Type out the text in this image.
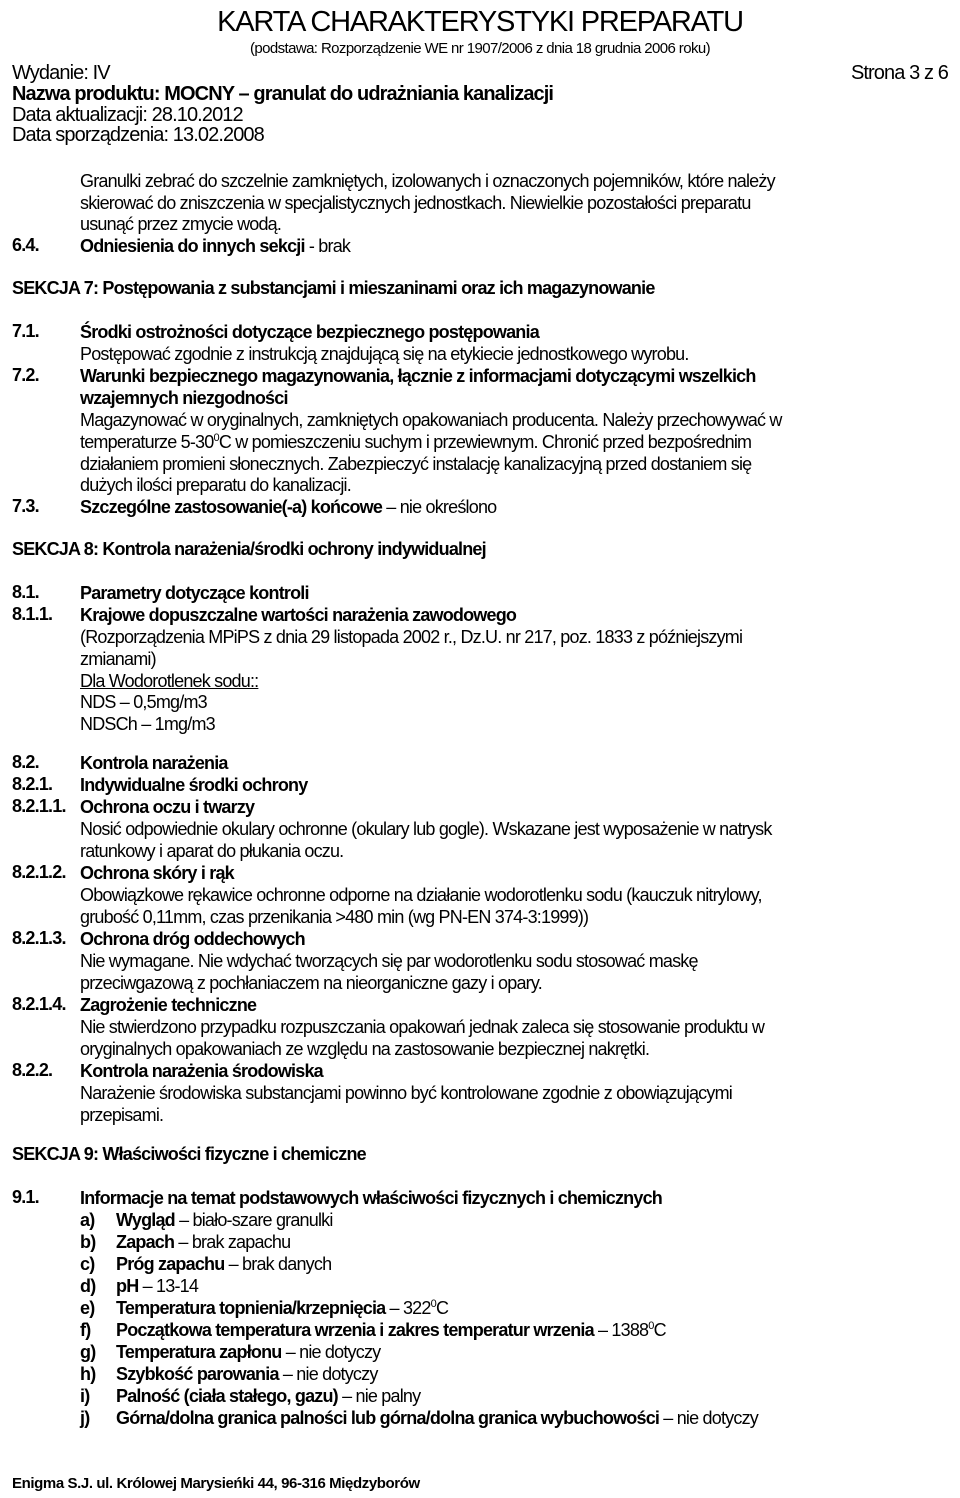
KARTA CHARAKTERYSTYKI PREPARATU
(podstawa: Rozporządzenie WE nr 1907/2006 z dnia 18 grudnia 2006 roku)
Wydanie: IV	Strona 3 z 6
Nazwa produktu: MOCNY – granulat do udrażniania kanalizacji
Data aktualizacji: 28.10.2012
Data sporządzenia: 13.02.2008
Granulki zebrać do szczelnie zamkniętych, izolowanych i oznaczonych pojemników, które należy
skierować do zniszczenia w specjalistycznych jednostkach. Niewielkie pozostałości preparatu
usunąć przez zmycie wodą.
6.4. Odniesienia do innych sekcji - brak
SEKCJA 7: Postępowania z substancjami i mieszaninami oraz ich magazynowanie
7.1. Środki ostrożności dotyczące bezpiecznego postępowania
Postępować zgodnie z instrukcją znajdującą się na etykiecie jednostkowego wyrobu.
7.2. Warunki bezpiecznego magazynowania, łącznie z informacjami dotyczącymi wszelkich
wzajemnych niezgodności
Magazynować w oryginalnych, zamkniętych opakowaniach producenta. Należy przechowywać w
temperaturze $5-30^0C$ w pomieszczeniu suchym i przewiewnym. Chronić przed bezpośrednim
działaniem promieni słonecznych. Zabezpieczyć instalację kanalizacyjną przed dostaniem się
dużych ilości preparatu do kanalizacji.
7.3. Szczególne zastosowanie(-a) końcowe – nie określono
SEKCJA 8: Kontrola narażenia/środki ochrony indywidualnej
8.1. Parametry dotyczące kontroli
8.1.1. Krajowe dopuszczalne wartości narażenia zawodowego
(Rozporządzenia MPiPS z dnia 29 listopada 2002 r., Dz.U. nr 217, poz. 1833 z późniejszymi
zmianami)
Dla Wodorotlenek sodu::
NDS – 0,5mg/m3
NDSCh – 1mg/m3
8.2. Kontrola narażenia
8.2.1. Indywidualne środki ochrony
8.2.1.1. Ochrona oczu i twarzy
Nosić odpowiednie okulary ochronne (okulary lub gogle). Wskazane jest wyposażenie w natrysk
ratunkowy i aparat do płukania oczu.
8.2.1.2. Ochrona skóry i rąk
Obowiązkowe rękawice ochronne odporne na działanie wodorotlenku sodu (kauczuk nitrylowy,
grubość 0,11mm, czas przenikania >480 min (wg PN-EN 374-3:1999))
8.2.1.3. Ochrona dróg oddechowych
Nie wymagane. Nie wdychać tworzących się par wodorotlenku sodu stosować maskę
przeciwgazową z pochłaniaczem na nieorganiczne gazy i opary.
8.2.1.4. Zagrożenie techniczne
Nie stwierdzono przypadku rozpuszczania opakowań jednak zaleca się stosowanie produktu w
oryginalnych opakowaniach ze względu na zastosowanie bezpiecznej nakrętki.
8.2.2. Kontrola narażenia środowiska
Narażenie środowiska substancjami powinno być kontrolowane zgodnie z obowiązującymi
przepisami.
SEKCJA 9: Właściwości fizyczne i chemiczne
9.1. Informacje na temat podstawowych właściwości fizycznych i chemicznych
a) Wygląd – biało-szare granulki
b) Zapach – brak zapachu
c) Próg zapachu – brak danych
d) pH – 13-14
e) Temperatura topnienia/krzepnięcia – $322^0C$
f) Początkowa temperatura wrzenia i zakres temperatur wrzenia – 1388$^0$C
g) Temperatura zapłonu – nie dotyczy
h) Szybkość parowania – nie dotyczy
i) Palność (ciała stałego, gazu) – nie palny
j) Górna/dolna granica palności lub górna/dolna granica wybuchowości – nie dotyczy
Enigma S.J. ul. Królowej Marysieńki 44, 96-316 Międzyborów
